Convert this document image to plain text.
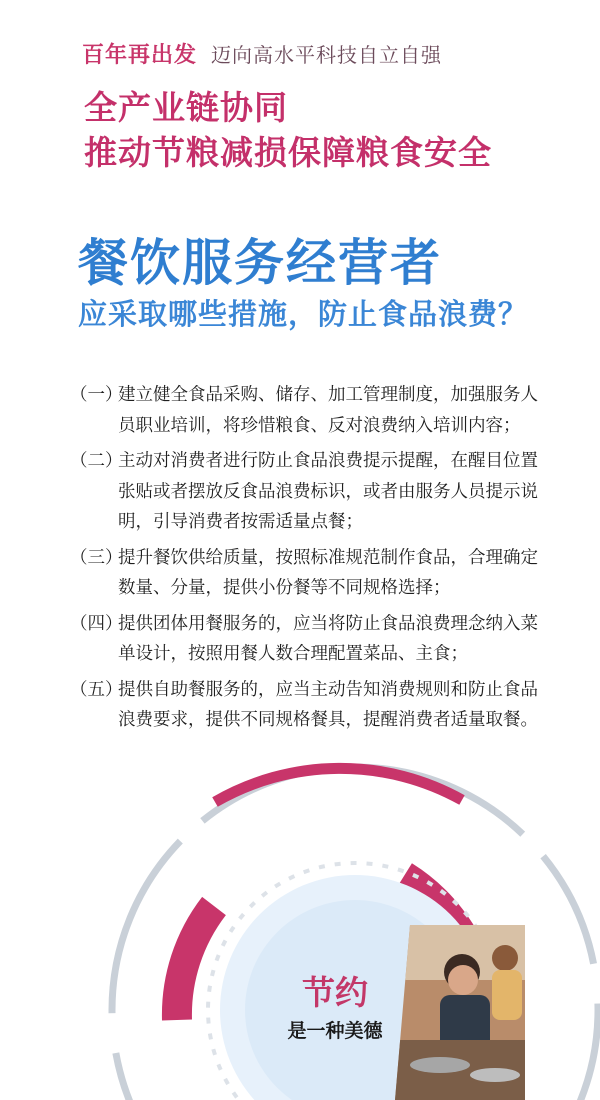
百年再出发 迈向高水平科技自立自强
全产业链协同
推动节粮减损保障粮食安全
餐饮服务经营者
应采取哪些措施，防止食品浪费？
（一）
建立健全食品采购、储存、加工管理制度，加强服务人员职业培训，将珍惜粮食、反对浪费纳入培训内容；
（二）
主动对消费者进行防止食品浪费提示提醒，在醒目位置张贴或者摆放反食品浪费标识，或者由服务人员提示说明，引导消费者按需适量点餐；
（三）
提升餐饮供给质量，按照标准规范制作食品，合理确定数量、分量，提供小份餐等不同规格选择；
（四）
提供团体用餐服务的，应当将防止食品浪费理念纳入菜单设计，按照用餐人数合理配置菜品、主食；
（五）
提供自助餐服务的，应当主动告知消费规则和防止食品浪费要求，提供不同规格餐具，提醒消费者适量取餐。
节约
是一种美德
